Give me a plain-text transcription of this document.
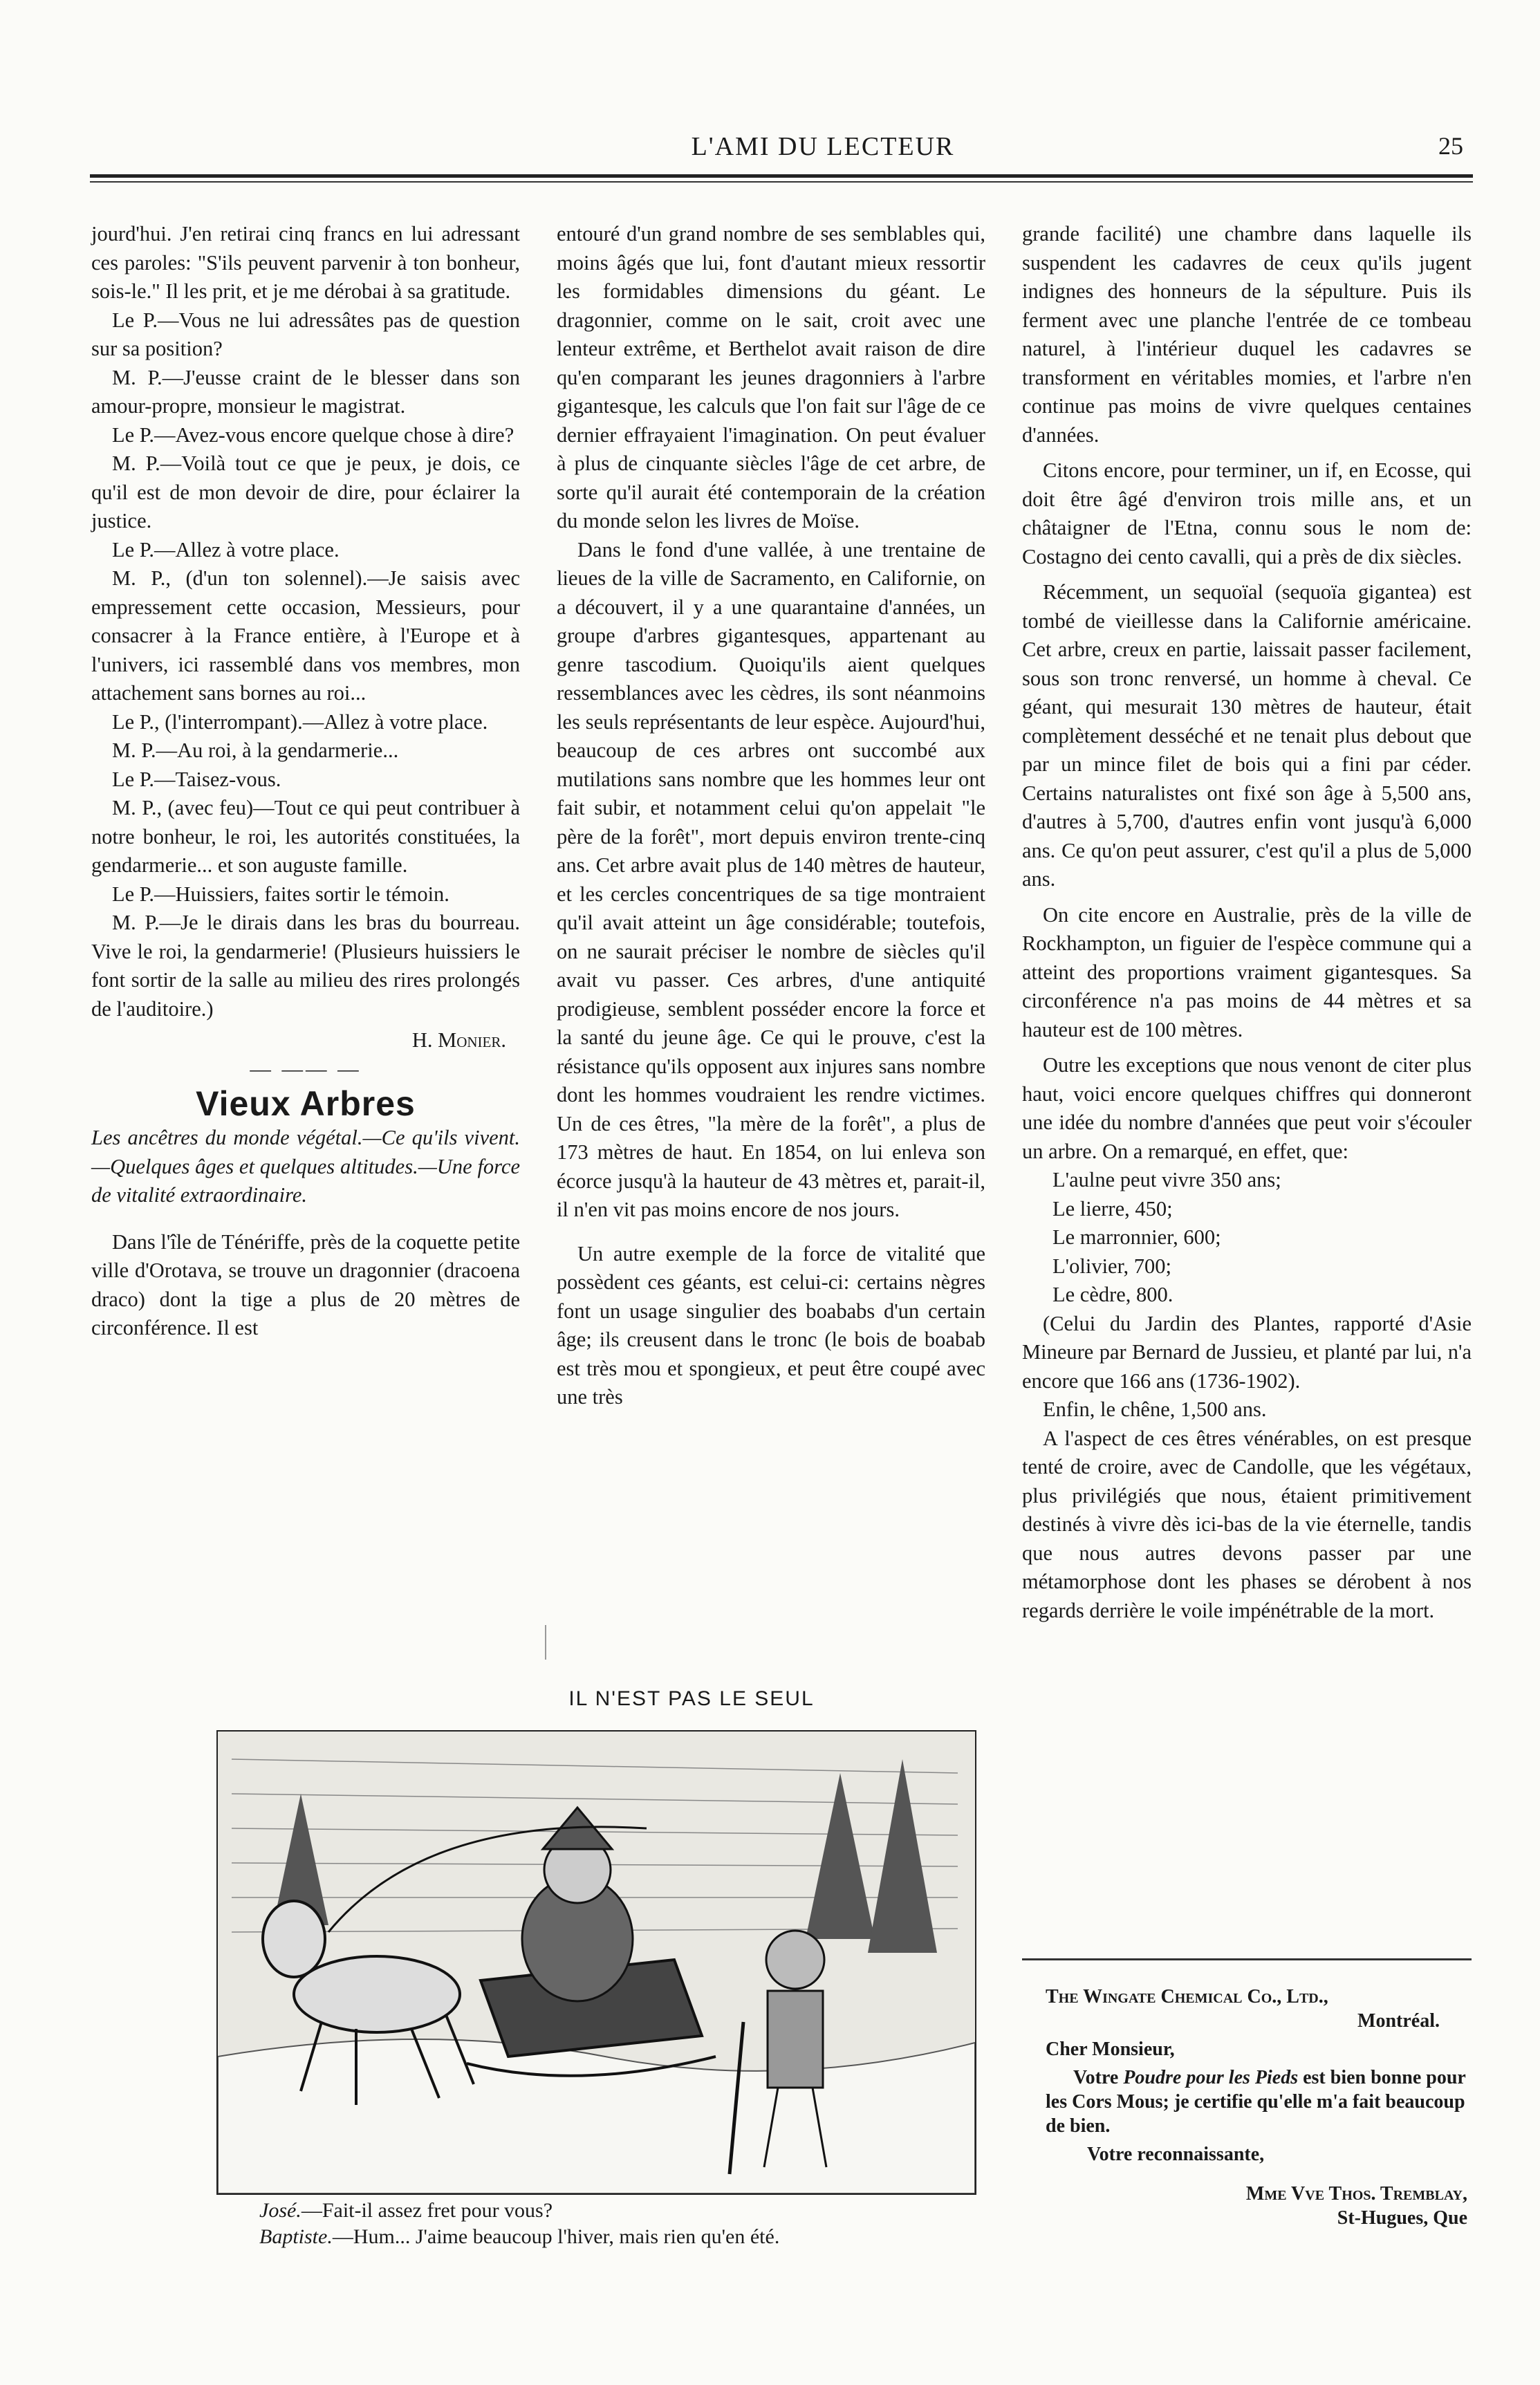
L'AMI DU LECTEUR	25

jourd'hui. J'en retirai cinq francs en lui adressant ces paroles: "S'ils peuvent parvenir à ton bonheur, sois-le." Il les prit, et je me dérobai à sa gratitude.

Le P.—Vous ne lui adressâtes pas de question sur sa position?

M. P.—J'eusse craint de le blesser dans son amour-propre, monsieur le magistrat.

Le P.—Avez-vous encore quelque chose à dire?

M. P.—Voilà tout ce que je peux, je dois, ce qu'il est de mon devoir de dire, pour éclairer la justice.

Le P.—Allez à votre place.

M. P., (d'un ton solennel).—Je saisis avec empressement cette occasion, Messieurs, pour consacrer à la France entière, à l'Europe et à l'univers, ici rassemblé dans vos membres, mon attachement sans bornes au roi...

Le P., (l'interrompant).—Allez à votre place.

M. P.—Au roi, à la gendarmerie...

Le P.—Taisez-vous.

M. P., (avec feu)—Tout ce qui peut contribuer à notre bonheur, le roi, les autorités constituées, la gendarmerie... et son auguste famille.

Le P.—Huissiers, faites sortir le témoin.

M. P.—Je le dirais dans les bras du bourreau. Vive le roi, la gendarmerie! (Plusieurs huissiers le font sortir de la salle au milieu des rires prolongés de l'auditoire.)

H. Monier.

— —— —

Vieux Arbres

Les ancêtres du monde végétal.—Ce qu'ils vivent.—Quelques âges et quelques altitudes.—Une force de vitalité extraordinaire.

Dans l'île de Ténériffe, près de la coquette petite ville d'Orotava, se trouve un dragonnier (dracoena draco) dont la tige a plus de 20 mètres de circonférence. Il est

entouré d'un grand nombre de ses semblables qui, moins âgés que lui, font d'autant mieux ressortir les formidables dimensions du géant. Le dragonnier, comme on le sait, croit avec une lenteur extrême, et Berthelot avait raison de dire qu'en comparant les jeunes dragonniers à l'arbre gigantesque, les calculs que l'on fait sur l'âge de ce dernier effrayaient l'imagination. On peut évaluer à plus de cinquante siècles l'âge de cet arbre, de sorte qu'il aurait été contemporain de la création du monde selon les livres de Moïse.

Dans le fond d'une vallée, à une trentaine de lieues de la ville de Sacramento, en Californie, on a découvert, il y a une quarantaine d'années, un groupe d'arbres gigantesques, appartenant au genre tascodium. Quoiqu'ils aient quelques ressemblances avec les cèdres, ils sont néanmoins les seuls représentants de leur espèce. Aujourd'hui, beaucoup de ces arbres ont succombé aux mutilations sans nombre que les hommes leur ont fait subir, et notamment celui qu'on appelait "le père de la forêt", mort depuis environ trente-cinq ans. Cet arbre avait plus de 140 mètres de hauteur, et les cercles concentriques de sa tige montraient qu'il avait atteint un âge considérable; toutefois, on ne saurait préciser le nombre de siècles qu'il avait vu passer. Ces arbres, d'une antiquité prodigieuse, semblent posséder encore la force et la santé du jeune âge. Ce qui le prouve, c'est la résistance qu'ils opposent aux injures sans nombre dont les hommes voudraient les rendre victimes. Un de ces êtres, "la mère de la forêt", a plus de 173 mètres de haut. En 1854, on lui enleva son écorce jusqu'à la hauteur de 43 mètres et, parait-il, il n'en vit pas moins encore de nos jours.

Un autre exemple de la force de vitalité que possèdent ces géants, est celui-ci: certains nègres font un usage singulier des boababs d'un certain âge; ils creusent dans le tronc (le bois de boabab est très mou et spongieux, et peut être coupé avec une très

grande facilité) une chambre dans laquelle ils suspendent les cadavres de ceux qu'ils jugent indignes des honneurs de la sépulture. Puis ils ferment avec une planche l'entrée de ce tombeau naturel, à l'intérieur duquel les cadavres se transforment en véritables momies, et l'arbre n'en continue pas moins de vivre quelques centaines d'années.

Citons encore, pour terminer, un if, en Ecosse, qui doit être âgé d'environ trois mille ans, et un châtaigner de l'Etna, connu sous le nom de: Costagno dei cento cavalli, qui a près de dix siècles.

Récemment, un sequoïal (sequoïa gigantea) est tombé de vieillesse dans la Californie américaine. Cet arbre, creux en partie, laissait passer facilement, sous son tronc renversé, un homme à cheval. Ce géant, qui mesurait 130 mètres de hauteur, était complètement desséché et ne tenait plus debout que par un mince filet de bois qui a fini par céder. Certains naturalistes ont fixé son âge à 5,500 ans, d'autres à 5,700, d'autres enfin vont jusqu'à 6,000 ans. Ce qu'on peut assurer, c'est qu'il a plus de 5,000 ans.

On cite encore en Australie, près de la ville de Rockhampton, un figuier de l'espèce commune qui a atteint des proportions vraiment gigantesques. Sa circonférence n'a pas moins de 44 mètres et sa hauteur est de 100 mètres.

Outre les exceptions que nous venont de citer plus haut, voici encore quelques chiffres qui donneront une idée du nombre d'années que peut voir s'écouler un arbre. On a remarqué, en effet, que:

L'aulne peut vivre 350 ans;
Le lierre, 450;
Le marronnier, 600;
L'olivier, 700;
Le cèdre, 800.

(Celui du Jardin des Plantes, rapporté d'Asie Mineure par Bernard de Jussieu, et planté par lui, n'a encore que 166 ans (1736-1902).

Enfin, le chêne, 1,500 ans.

A l'aspect de ces êtres vénérables, on est presque tenté de croire, avec de Candolle, que les végétaux, plus privilégiés que nous, étaient primitivement destinés à vivre dès ici-bas de la vie éternelle, tandis que nous autres devons passer par une métamorphose dont les phases se dérobent à nos regards derrière le voile impénétrable de la mort.

IL N'EST PAS LE SEUL
José.—Fait-il assez fret pour vous?
Baptiste.—Hum... J'aime beaucoup l'hiver, mais rien qu'en été.

The Wingate Chemical Co., Ltd.,

Montréal.

Cher Monsieur,

Votre Poudre pour les Pieds est bien bonne pour les Cors Mous; je certifie qu'elle m'a fait beaucoup de bien.

Votre reconnaissante,

Mme Vve Thos. Tremblay,

St-Hugues, Que
